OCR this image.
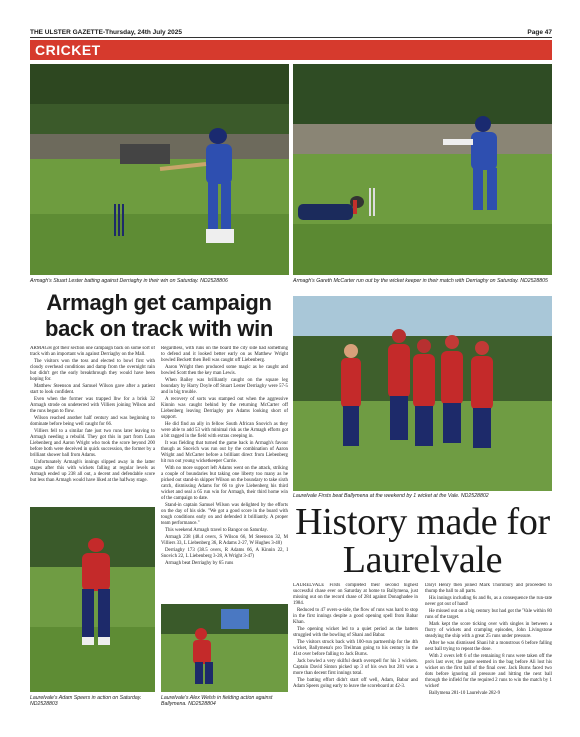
THE ULSTER GAZETTE-Thursday, 24th July 2025	Page 47
CRICKET
Armagh's Stuart Lester batting against Derriaghy in their win on Saturday. ND2528806	Armagh's Gareth McCarter run out by the wicket keeper in their match with Derriaghy on Saturday. ND2528805
Armagh get campaign back on track with win

ARMAGH got their section one campaign back on some sort of track with an important win against Derriaghy on the Mall.

The visitors won the toss and elected to bowl first with cloudy overhead conditions and damp from the overnight rain but didn't get the early breakthrough they would have been hoping for.

Matthew Steenson and Samuel Wilson gave after a patient start to look confident.

Even when the former was trapped lbw for a brisk 32 Armagh strode on undeterred with Villiers joining Wilson and the runs began to flow.

Wilson reached another half century and was beginning to dominate before being well caught for 66.

Villiers fell to a similar fate just two runs later leaving to Armagh needing a rebuild. They got this in part from Loan Liebenberg and Aaron Wright who took the score beyond 200 before both were deceived in quick succession, the former by a brilliant shower ball from Adams.

Unfortunately Armagh's innings slipped away in the latter stages after this with wickets falling at regular levels as Armagh ended up 238 all out, a decent and defendable score but less than Armagh would have liked at the halfway stage.

Regardless, with runs on the board the city side had something to defend and it looked better early on as Matthew Wright bowled Beckett then Bell was caught off Liebenberg.

Aaron Wright then produced some magic as he caught and bowled Scott then the key man Lewis.

When Bailey was brilliantly caught on the square leg boundary by Harry Doyle off Stuart Lester Derriaghy were 57-5 and in big trouble.

A recovery of sorts was stamped out when the aggressive Kinnin was caught behind by the returning McCarter off Liebenberg leaving Derriaghy pro Adams looking short of support.

He did find an ally in fellow South African Snovich as they were able to add 53 with minimal risk as the Armagh efforts got a bit ragged in the field with extras creeping in.

It was fielding that turned the game back in Armagh's favour though as Snovich was run out by the combination of Aaron Wright and McCarter before a brilliant direct from Liebenberg hit run out young wicketkeeper Currie.

With no more support left Adams went on the attack, striking a couple of boundaries but taking one liberty too many as he picked out stand-in skipper Wilson on the boundary to take sixth catch, dismissing Adams for 66 to give Liebenberg his third wicket and seal a 65 run win for Armagh, their third home win of the campaign to date.

Stand-in captain Samuel Wilson was delighted by the efforts on the day of his side. "We got a good score in the board with tough conditions early on and defended it brilliantly. A proper team performance."

This weekend Armagh travel to Bangor on Saturday.

Armagh 238 (48.4 overs, S Wilson 66, M Steenson 32, M Villiers 33, L Liebenberg 36, R Adams 2-27, W Hughes 3-40)

Derriaghy 173 (38.5 overs, R Adams 66, A Kinnin 22, I Snovich 22, L Liebenberg 3-28, A Wright 3-47)

Armagh beat Derriaghy by 65 runs

Laurelvale Firsts beat Ballymena at the weekend by 1 wicket at the Vale. ND2528802
History made for Laurelvale
Laurelvale's Adam Speers in action on Saturday. ND2528803
Laurelvale's Alex Welsh in fielding action against Ballymena. ND2528804

LAURELVALE Firsts completed their second highest successful chase ever on Saturday at home to Ballymena, just missing out on the record chase of 284 against Donaghadee in 1984.

Reduced to 47 overs-a-side, the flow of runs was hard to stop in the first innings despite a good opening spell from Babar Khan.

The opening wicket led to a quiet period as the batters struggled with the bowling of Shani and Babar.

The visitors struck back with 100-run partnership for the 4th wicket, Ballymena's pro Treilman going to his century in the 41st over before falling to Jack Burns.

Jack bowled a very skilful death overspell for his 3 wickets. Captain David Sinton picked up 3 of his own but 281 was a more than decent first innings total.

The batting effort didn't start off well, Adam, Babar and Adam Speers going early to leave the scoreboard at 42-3.

Daryl Henry then joined Mark Thornbury and proceeded to thump the ball to all parts.

His innings including 6s and 8s, as a consequence the run-rate never got out of hand!

He missed out on a big century but had got the 'Vale within 80 runs of the target.

Mark kept the score ticking over with singles in between a flurry of wickets and cramping episodes, John Livingstone steadying the ship with a great 25 runs under pressure.

After he was dismissed Shani hit a monstrous 6 before falling next ball trying to repeat the dose.

With 2 overs left 6 of the remaining 8 runs were taken off the pro's last over, the game seemed in the bag before Ali lost his wicket on the first ball of the final over. Jack Burns faced two dots before ignoring all pressure and hitting the next ball through the infield for the required 2 runs to win the match by 1 wicket!

Ballymena 281-10 Laurelvale 282-9
